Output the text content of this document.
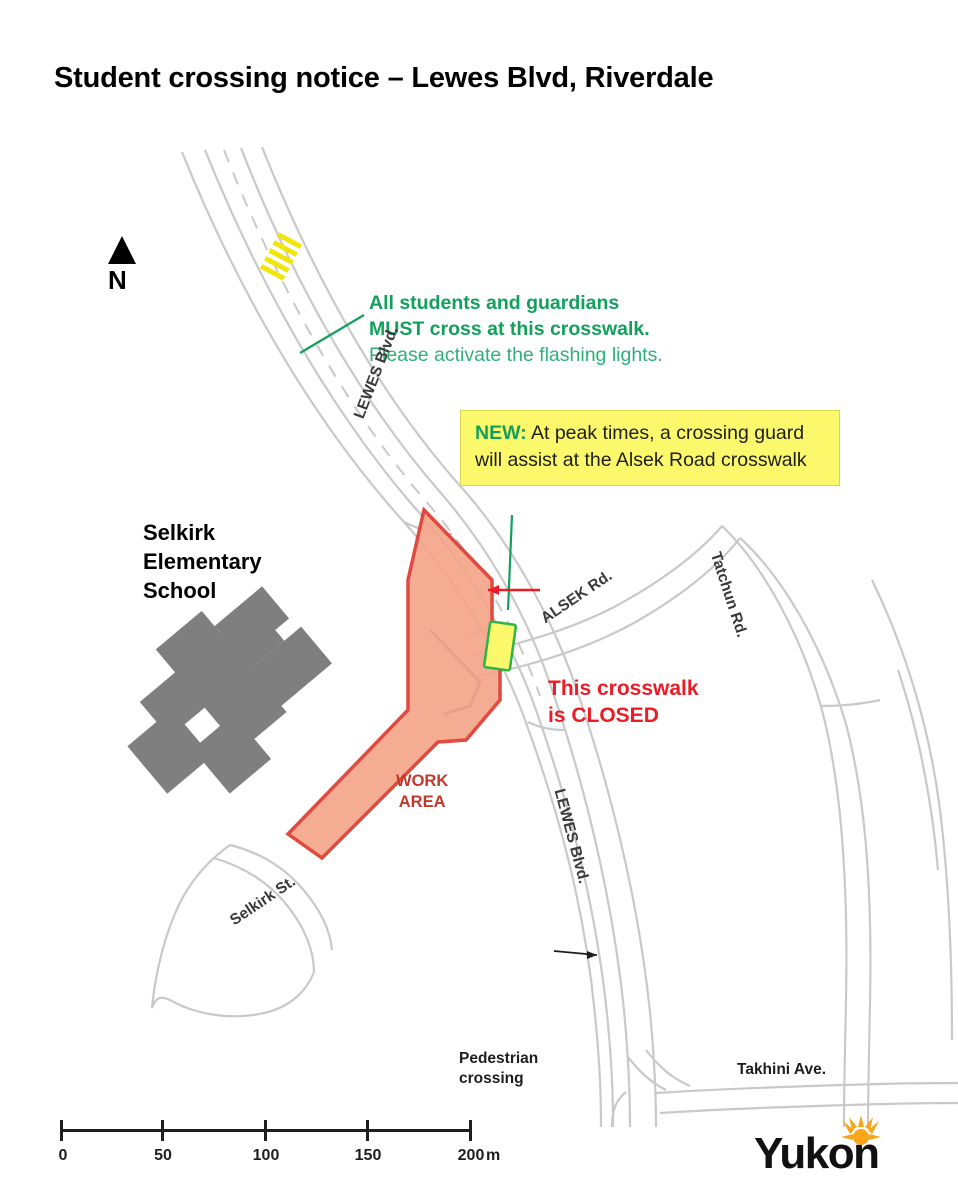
Student crossing notice – Lewes Blvd, Riverdale
N
All students and guardians
MUST cross at this crosswalk.
Please activate the flashing lights.
NEW: At peak times, a crossing guard will assist at the Alsek Road crosswalk
Selkirk
Elementary
School
This crosswalk
is CLOSED
WORK
AREA
Pedestrian
crossing
Takhini Ave.
LEWES Blvd.
ALSEK Rd.	Tatchun Rd.
LEWES Blvd.
Selkirk St.
0	50	100	150	200 m	Yukon
